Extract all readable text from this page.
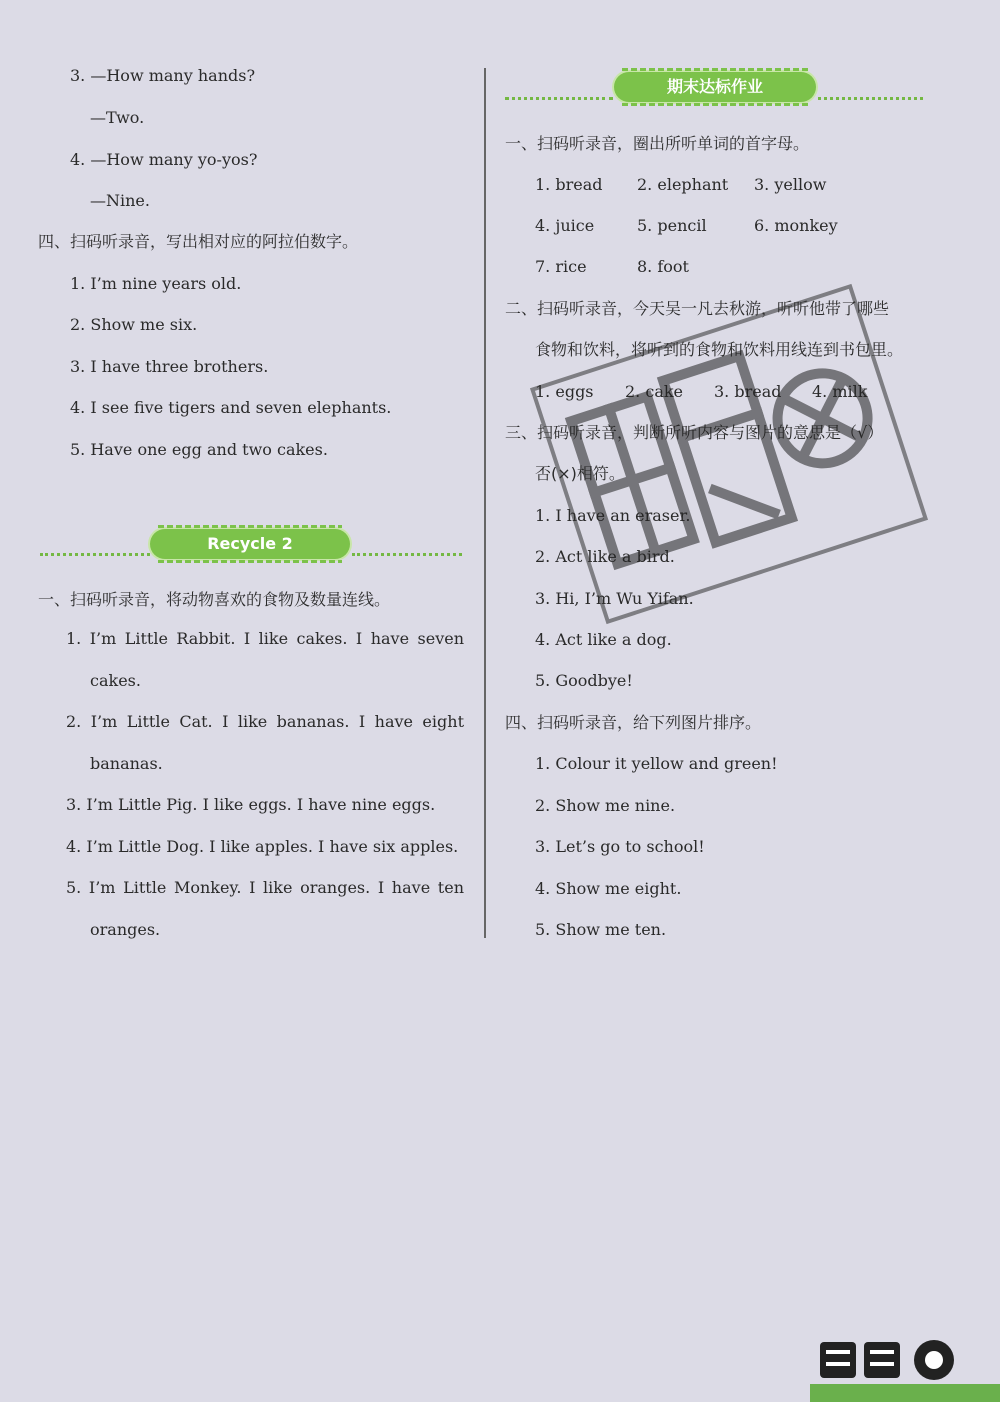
3. —How many hands?
—Two.
4. —How many yo-yos?
—Nine.
四、扫码听录音，写出相对应的阿拉伯数字。
1. I’m nine years old.
2. Show me six.
3. I have three brothers.
4. I see five tigers and seven elephants.
5. Have one egg and two cakes.
Recycle 2
一、扫码听录音，将动物喜欢的食物及数量连线。
1. I’m Little Rabbit. I like cakes. I have seven
cakes.
2. I’m Little Cat. I like bananas. I have eight
bananas.
3. I’m Little Pig. I like eggs. I have nine eggs.
4. I’m Little Dog. I like apples. I have six apples.
5. I’m Little Monkey. I like oranges. I have ten
oranges.
期末达标作业
一、扫码听录音，圈出所听单词的首字母。
1. bread 2. elephant 3. yellow
4. juice	5. pencil	6. monkey
7. rice	8. foot
二、扫码听录音，今天吴一凡去秋游，听听他带了哪些
食物和饮料，将听到的食物和饮料用线连到书包里。
1. eggs 2. cake 3. bread 4. milk
三、扫码听录音，判断所听内容与图片的意思是（√）
否(×)相符。
1. I have an eraser.
2. Act like a bird.
3. Hi, I’m Wu Yifan.
4. Act like a dog.
5. Goodbye!
四、扫码听录音，给下列图片排序。
1. Colour it yellow and green!
2. Show me nine.
3. Let’s go to school!
4. Show me eight.
5. Show me ten.
